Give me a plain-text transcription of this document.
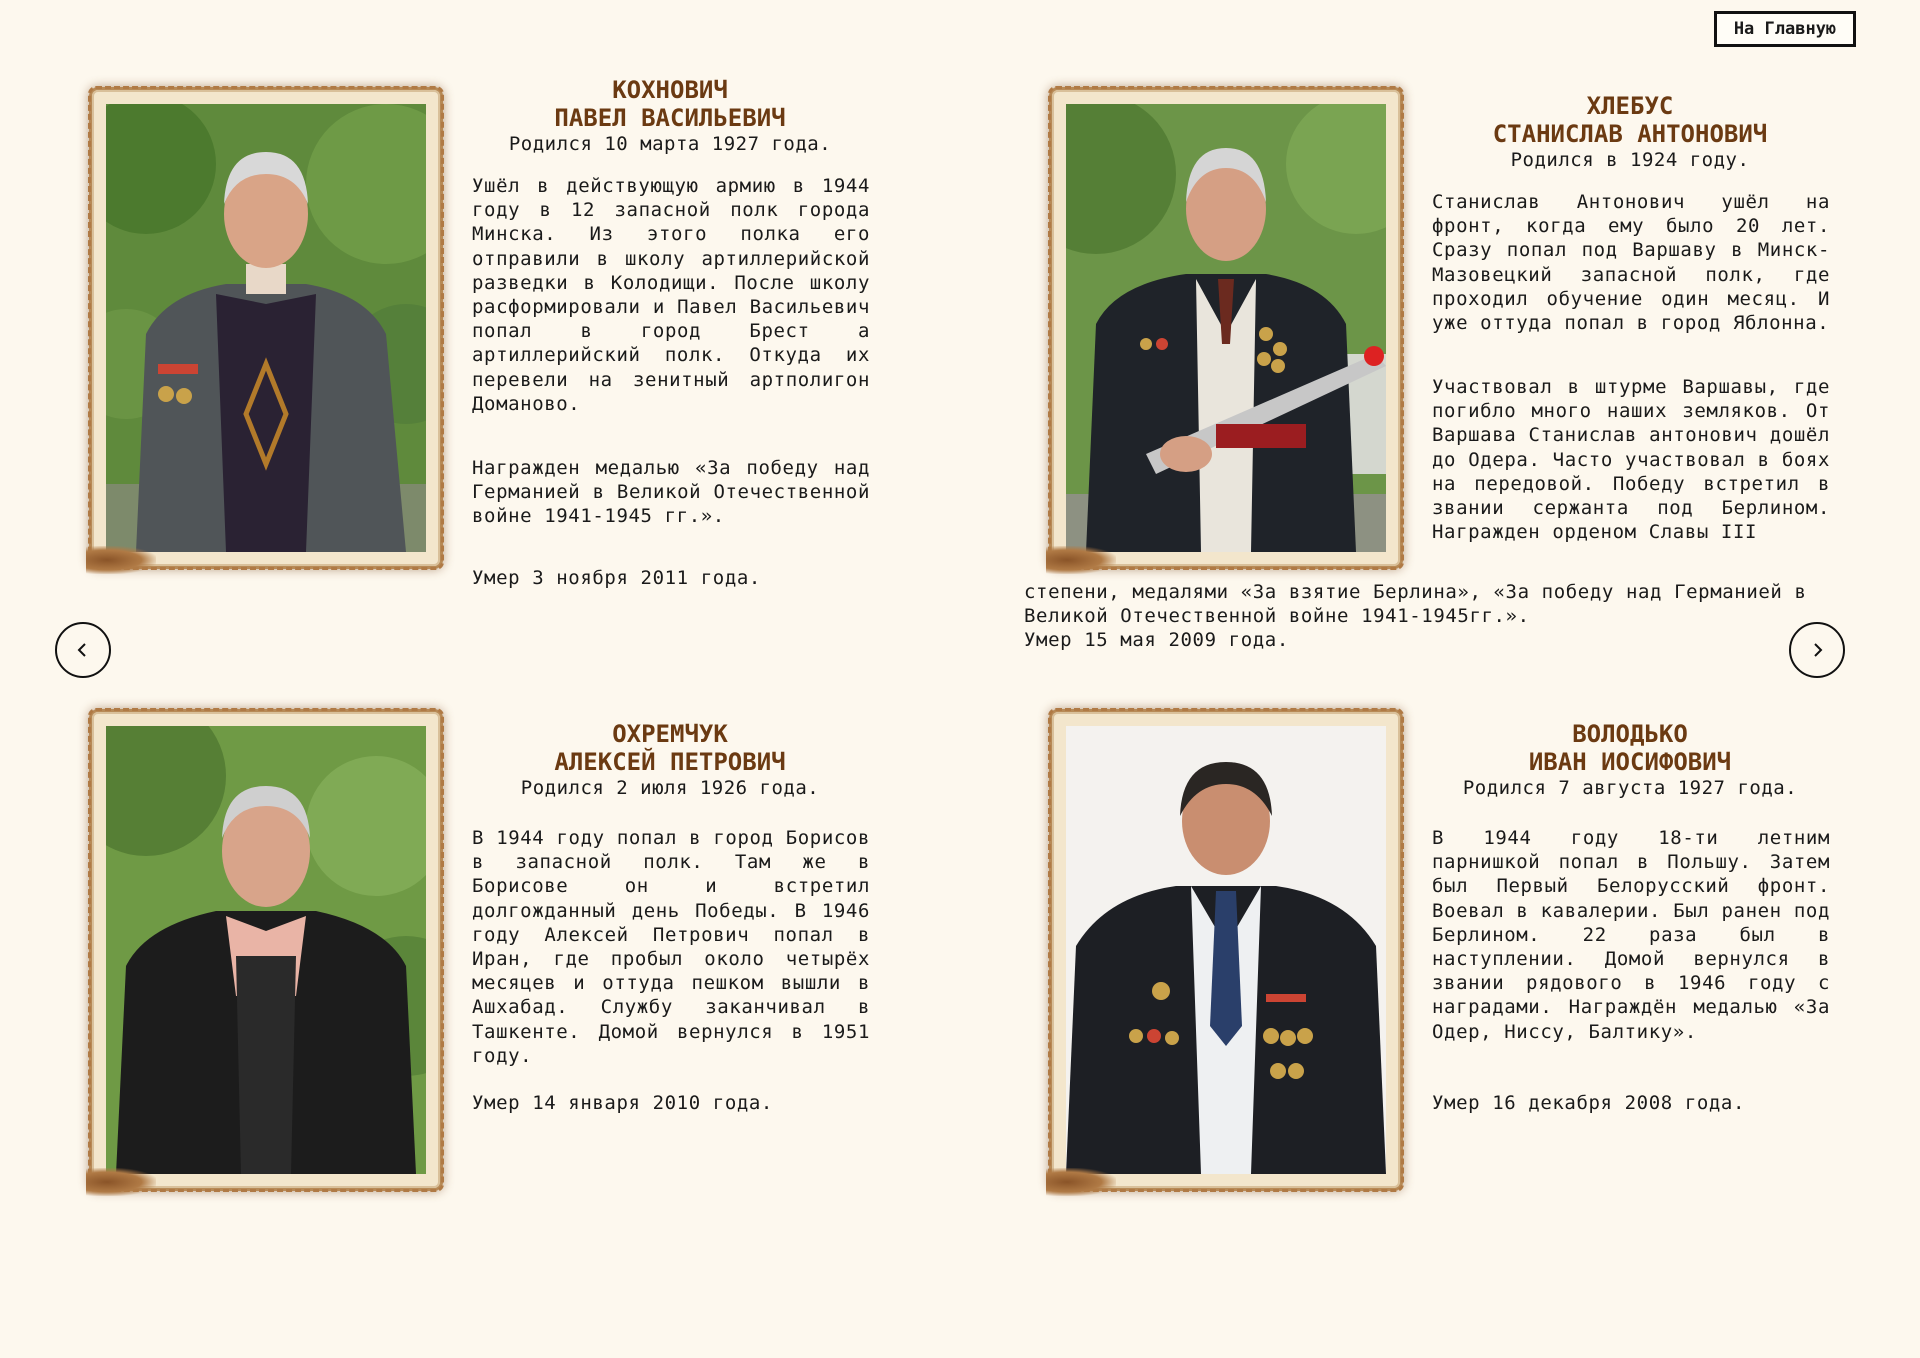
На Главную
КОХНОВИЧ
ПАВЕЛ ВАСИЛЬЕВИЧ
Родился 10 марта 1927 года.

Ушёл в действующую армию в 1944 году в 12 запасной полк города Минска. Из этого полка его отправили в школу артиллерийской разведки в Колодищи. После школу расформировали и Павел Васильевич попал в город Брест а артиллерийский полк. Откуда их перевели на зенитный артполигон Доманово.

Награжден медалью «За победу над Германией в Великой Отечественной войне 1941-1945 гг.».

Умер 3 ноября 2011 года.

ХЛЕБУС
СТАНИСЛАВ АНТОНОВИЧ
Родился в 1924 году.

Станислав Антонович ушёл на фронт, когда ему было 20 лет. Сразу попал под Варшаву в Минск-Мазовецкий запасной полк, где проходил обучение один месяц. И уже оттуда попал в город Яблонна.

Участвовал в штурме Варшавы, где погибло много наших земляков. От Варшава Станислав антонович дошёл до Одера. Часто участвовал в боях на передовой. Победу встретил в звании сержанта под Берлином. Награжден орденом Славы III

степени, медалями «За взятие Берлина», «За победу над Германией в Великой Отечественной войне 1941-1945гг.».

Умер 15 мая 2009 года.

ОХРЕМЧУК
АЛЕКСЕЙ ПЕТРОВИЧ
Родился 2 июля 1926 года.

В 1944 году попал в город Борисов в запасной полк. Там же в Борисове он и встретил долгожданный день Победы. В 1946 году Алексей Петрович попал в Иран, где пробыл около четырёх месяцев и оттуда пешком вышли в Ашхабад. Службу заканчивал в Ташкенте. Домой вернулся в 1951 году.

Умер 14 января 2010 года.

ВОЛОДЬКО
ИВАН ИОСИФОВИЧ
Родился 7 августа 1927 года.

В 1944 году 18-ти летним парнишкой попал в Польшу. Затем был Первый Белорусский фронт. Воевал в кавалерии. Был ранен под Берлином. 22 раза был в наступлении. Домой вернулся в звании рядового в 1946 году с наградами. Награждён медалью «За Одер, Ниссу, Балтику».

Умер 16 декабря 2008 года.
